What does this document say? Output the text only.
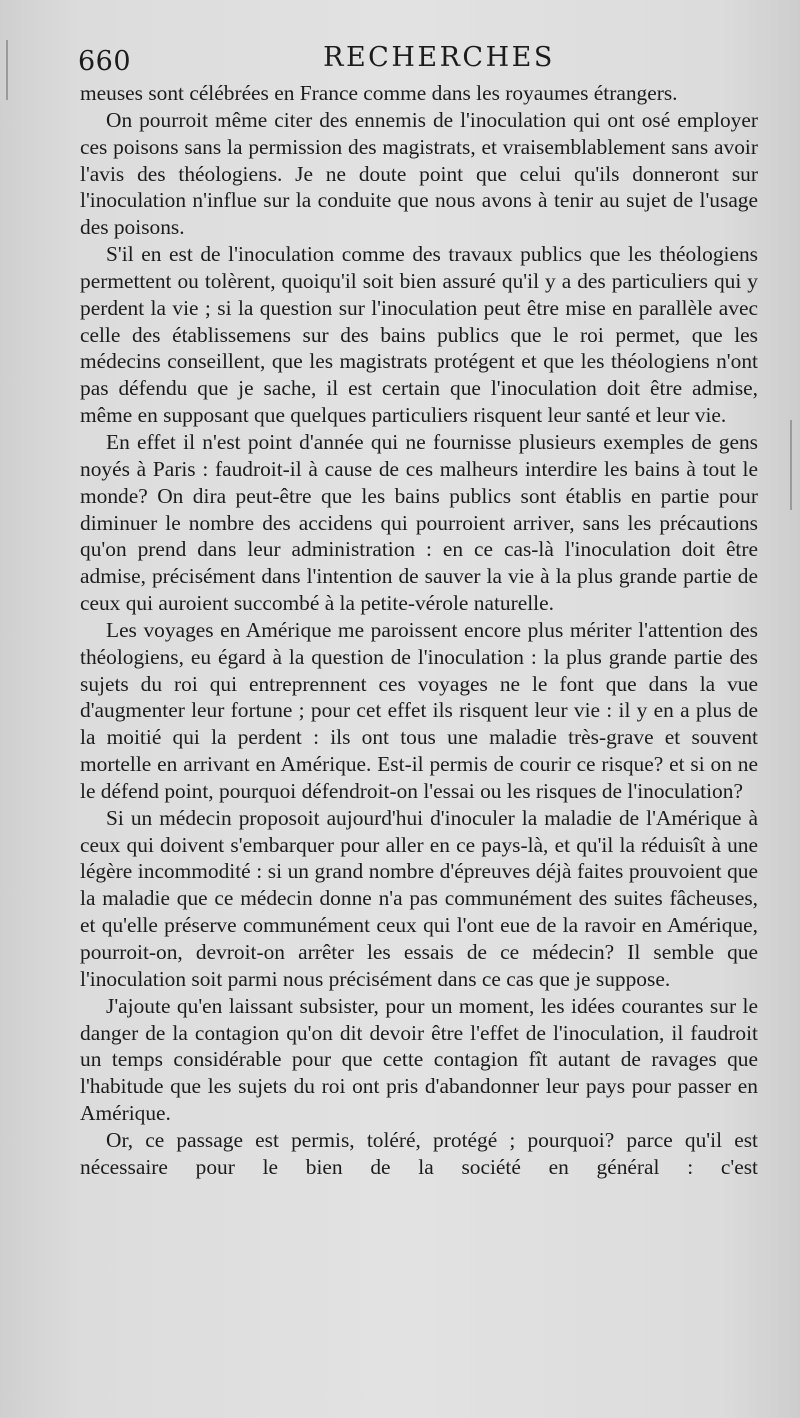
660	RECHERCHES

meuses sont célébrées en France comme dans les royaumes étrangers.

On pourroit même citer des ennemis de l'inoculation qui ont osé employer ces poisons sans la permission des magistrats, et vraisemblablement sans avoir l'avis des théologiens. Je ne doute point que celui qu'ils donneront sur l'inoculation n'influe sur la conduite que nous avons à tenir au sujet de l'usage des poisons.

S'il en est de l'inoculation comme des travaux publics que les théologiens permettent ou tolèrent, quoiqu'il soit bien assuré qu'il y a des particuliers qui y perdent la vie ; si la question sur l'inoculation peut être mise en parallèle avec celle des établissemens sur des bains publics que le roi permet, que les médecins conseillent, que les magistrats protégent et que les théologiens n'ont pas défendu que je sache, il est certain que l'inoculation doit être admise, même en supposant que quelques particuliers risquent leur santé et leur vie.

En effet il n'est point d'année qui ne fournisse plusieurs exemples de gens noyés à Paris : faudroit-il à cause de ces malheurs interdire les bains à tout le monde? On dira peut-être que les bains publics sont établis en partie pour diminuer le nombre des accidens qui pourroient arriver, sans les précautions qu'on prend dans leur administration : en ce cas-là l'inoculation doit être admise, précisément dans l'intention de sauver la vie à la plus grande partie de ceux qui auroient succombé à la petite-vérole naturelle.

Les voyages en Amérique me paroissent encore plus mériter l'attention des théologiens, eu égard à la question de l'inoculation : la plus grande partie des sujets du roi qui entreprennent ces voyages ne le font que dans la vue d'augmenter leur fortune ; pour cet effet ils risquent leur vie : il y en a plus de la moitié qui la perdent : ils ont tous une maladie très-grave et souvent mortelle en arrivant en Amérique. Est-il permis de courir ce risque? et si on ne le défend point, pourquoi défendroit-on l'essai ou les risques de l'inoculation?

Si un médecin proposoit aujourd'hui d'inoculer la maladie de l'Amérique à ceux qui doivent s'embarquer pour aller en ce pays-là, et qu'il la réduisît à une légère incommodité : si un grand nombre d'épreuves déjà faites prouvoient que la maladie que ce médecin donne n'a pas communément des suites fâcheuses, et qu'elle préserve communément ceux qui l'ont eue de la ravoir en Amérique, pourroit-on, devroit-on arrêter les essais de ce médecin? Il semble que l'inoculation soit parmi nous précisément dans ce cas que je suppose.

J'ajoute qu'en laissant subsister, pour un moment, les idées courantes sur le danger de la contagion qu'on dit devoir être l'effet de l'inoculation, il faudroit un temps considérable pour que cette contagion fît autant de ravages que l'habitude que les sujets du roi ont pris d'abandonner leur pays pour passer en Amérique.

Or, ce passage est permis, toléré, protégé ; pourquoi? parce qu'il est nécessaire pour le bien de la société en général : c'est
